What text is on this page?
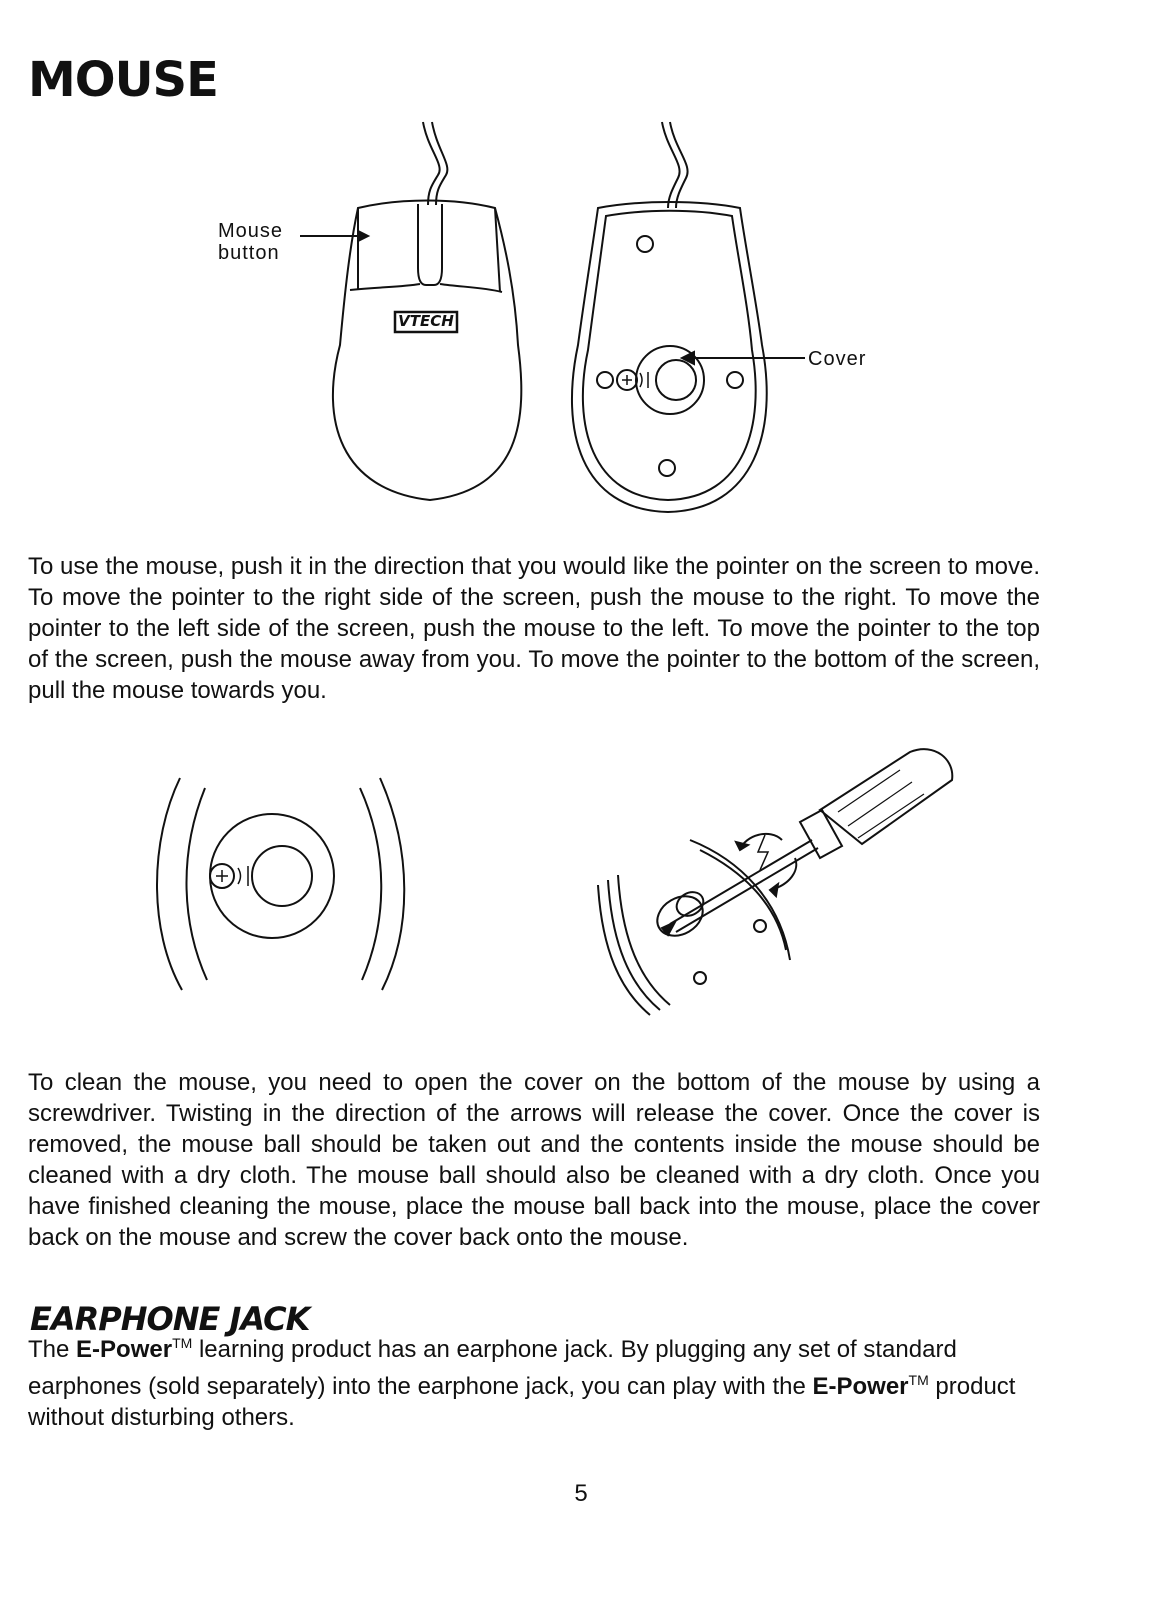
MOUSE
Mouse
button
VTECH
Cover
To use the mouse, push it in the direction that you would like the pointer on the screen to move. To move the pointer to the right side of the screen, push the mouse to the right. To move the pointer to the left side of the screen, push the mouse to the left. To move the pointer to the top of the screen, push the mouse away from you. To move the pointer to the bottom of the screen, pull the mouse towards you.
To clean the mouse, you need to open the cover on the bottom of the mouse by using a screwdriver. Twisting in the direction of the arrows will release the cover. Once the cover is removed, the mouse ball should be taken out and the contents inside the mouse should be cleaned with a dry cloth. The mouse ball should also be cleaned with a dry cloth. Once you have finished cleaning the mouse, place the mouse ball back into the mouse, place the cover back on the mouse and screw the cover back onto the mouse.
EARPHONE JACK
The E-Power™ learning product has an earphone jack. By plugging any set of standard earphones (sold separately) into the earphone jack, you can play with the E-Power™ product without disturbing others.
5
